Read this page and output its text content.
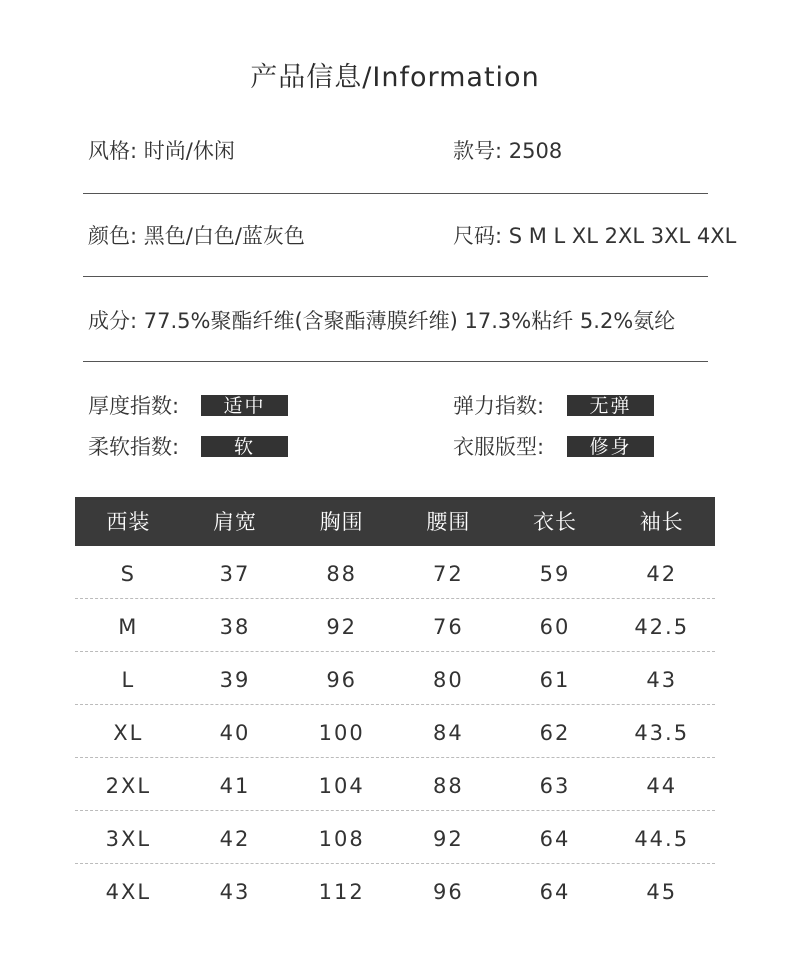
产品信息/Information
风格: 时尚/休闲	款号: 2508
颜色: 黑色/白色/蓝灰色	尺码: S M L XL 2XL 3XL 4XL
成分: 77.5%聚酯纤维(含聚酯薄膜纤维) 17.3%粘纤 5.2%氨纶
厚度指数:	适中	弹力指数:	无弹
柔软指数:	软	衣服版型:	修身
西装	肩宽	胸围	腰围	衣长	袖长
S	37	88	72	59	42
M	38	92	76	60	42.5
L	39	96	80	61	43
XL	40	100	84	62	43.5
2XL	41	104	88	63	44
3XL	42	108	92	64	44.5
4XL	43	112	96	64	45
